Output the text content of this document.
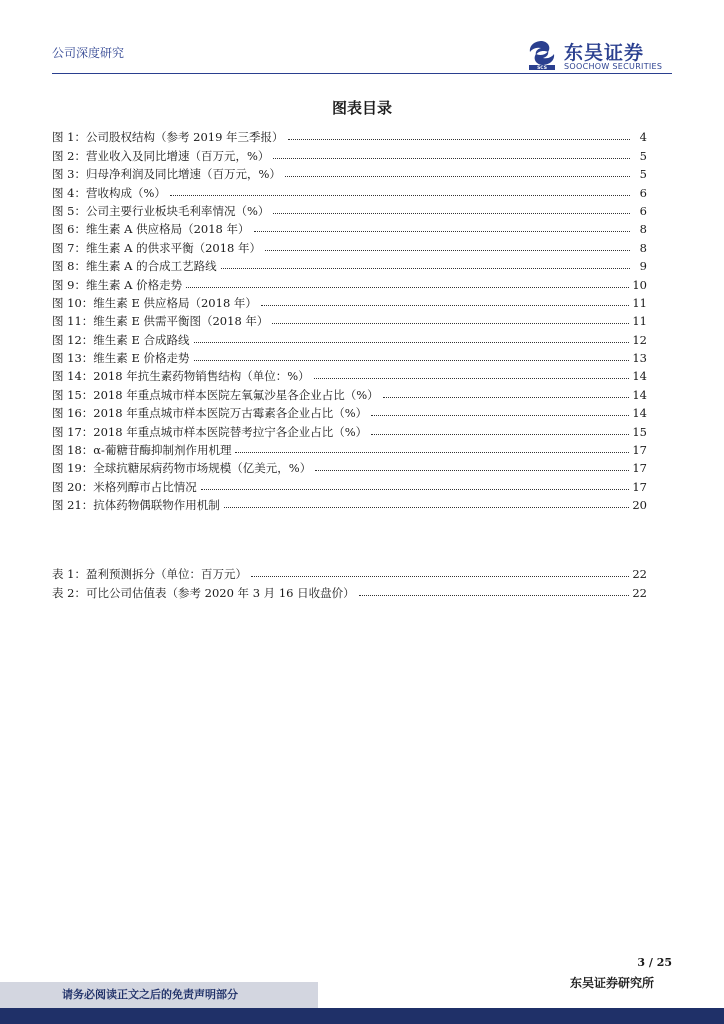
公司深度研究
SCS
东吴证券
SOOCHOW SECURITIES
图表目录
图 1：公司股权结构（参考 2019 年三季报）	4
图 2：营业收入及同比增速（百万元，%）	5
图 3：归母净利润及同比增速（百万元，%）	5
图 4：营收构成（%）	6
图 5：公司主要行业板块毛利率情况（%）	6
图 6：维生素 A 供应格局（2018 年）	8
图 7：维生素 A 的供求平衡（2018 年）	8
图 8：维生素 A 的合成工艺路线	9
图 9：维生素 A 价格走势	10
图 10：维生素 E 供应格局（2018 年）	11
图 11：维生素 E 供需平衡图（2018 年）	11
图 12：维生素 E 合成路线	12
图 13：维生素 E 价格走势	13
图 14：2018 年抗生素药物销售结构（单位：%）	14
图 15：2018 年重点城市样本医院左氧氟沙星各企业占比（%）	14
图 16：2018 年重点城市样本医院万古霉素各企业占比（%）	14
图 17：2018 年重点城市样本医院替考拉宁各企业占比（%）	15
图 18：α-葡糖苷酶抑制剂作用机理	17
图 19：全球抗糖尿病药物市场规模（亿美元，%）	17
图 20：米格列醇市占比情况	17
图 21：抗体药物偶联物作用机制	20
表 1：盈利预测拆分（单位：百万元）	22
表 2：可比公司估值表（参考 2020 年 3 月 16 日收盘价）	22
3 / 25
东吴证券研究所
请务必阅读正文之后的免责声明部分
